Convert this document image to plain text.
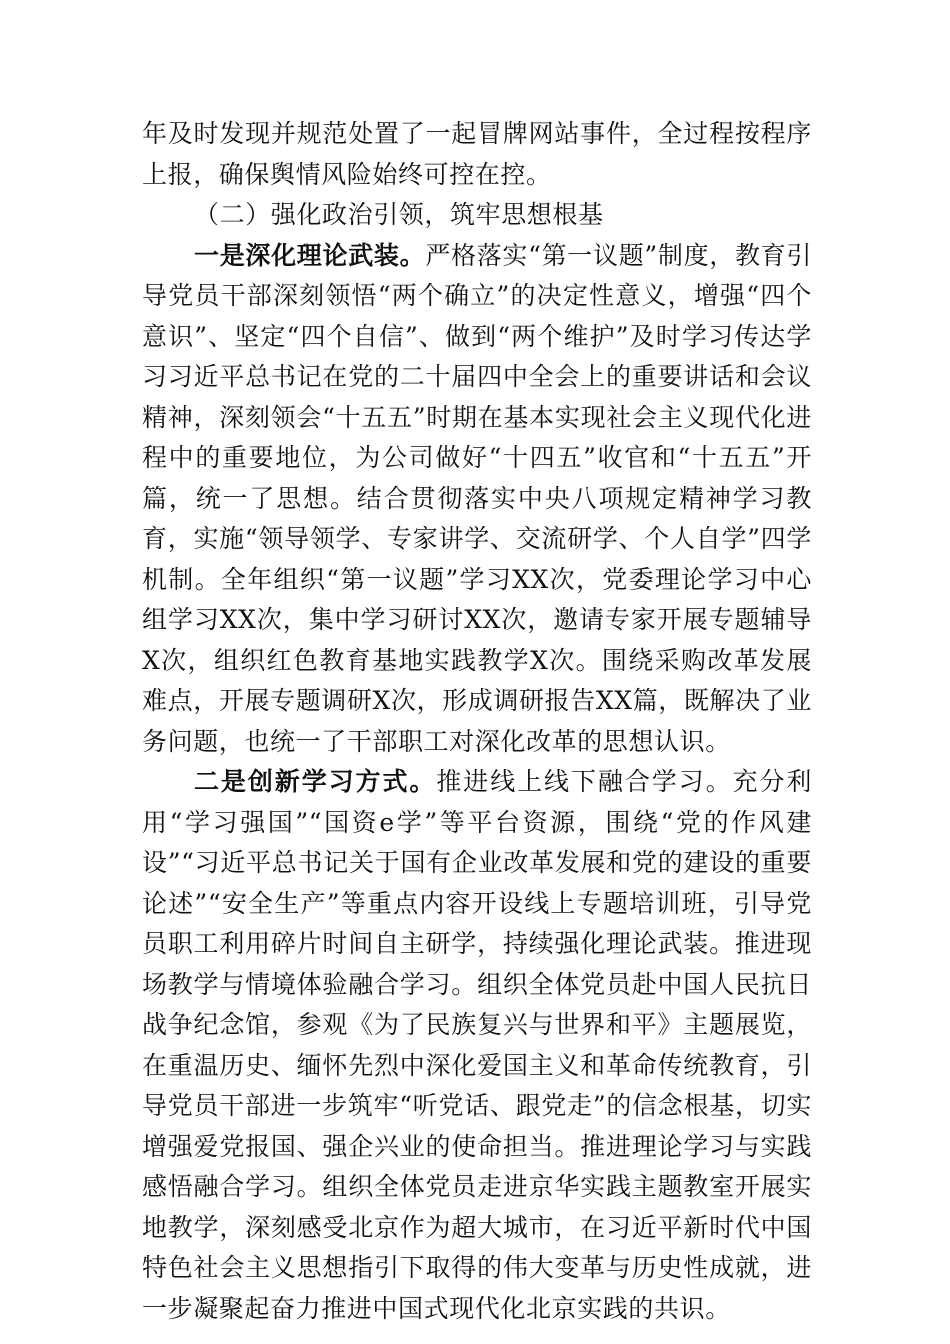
年及时发现并规范处置了一起冒牌网站事件，全过程按程序上报，确保舆情风险始终可控在控。

（二）强化政治引领，筑牢思想根基

一是深化理论武装。严格落实“第一议题”制度，教育引导党员干部深刻领悟“两个确立”的决定性意义，增强“四个意识”、坚定“四个自信”、做到“两个维护”及时学习传达学习习近平总书记在党的二十届四中全会上的重要讲话和会议精神，深刻领会“十五五”时期在基本实现社会主义现代化进程中的重要地位，为公司做好“十四五”收官和“十五五”开篇，统一了思想。结合贯彻落实中央八项规定精神学习教育，实施“领导领学、专家讲学、交流研学、个人自学”四学机制。全年组织“第一议题”学习XX次，党委理论学习中心组学习XX次，集中学习研讨XX次，邀请专家开展专题辅导X次，组织红色教育基地实践教学X次。围绕采购改革发展难点，开展专题调研X次，形成调研报告XX篇，既解决了业务问题，也统一了干部职工对深化改革的思想认识。

二是创新学习方式。推进线上线下融合学习。充分利用“学习强国”“国资e学”等平台资源，围绕“党的作风建设”“习近平总书记关于国有企业改革发展和党的建设的重要论述”“安全生产”等重点内容开设线上专题培训班，引导党员职工利用碎片时间自主研学，持续强化理论武装。推进现场教学与情境体验融合学习。组织全体党员赴中国人民抗日战争纪念馆，参观《为了民族复兴与世界和平》主题展览，在重温历史、缅怀先烈中深化爱国主义和革命传统教育，引导党员干部进一步筑牢“听党话、跟党走”的信念根基，切实增强爱党报国、强企兴业的使命担当。推进理论学习与实践感悟融合学习。组织全体党员走进京华实践主题教室开展实地教学，深刻感受北京作为超大城市，在习近平新时代中国特色社会主义思想指引下取得的伟大变革与历史性成就，进一步凝聚起奋力推进中国式现代化北京实践的共识。
